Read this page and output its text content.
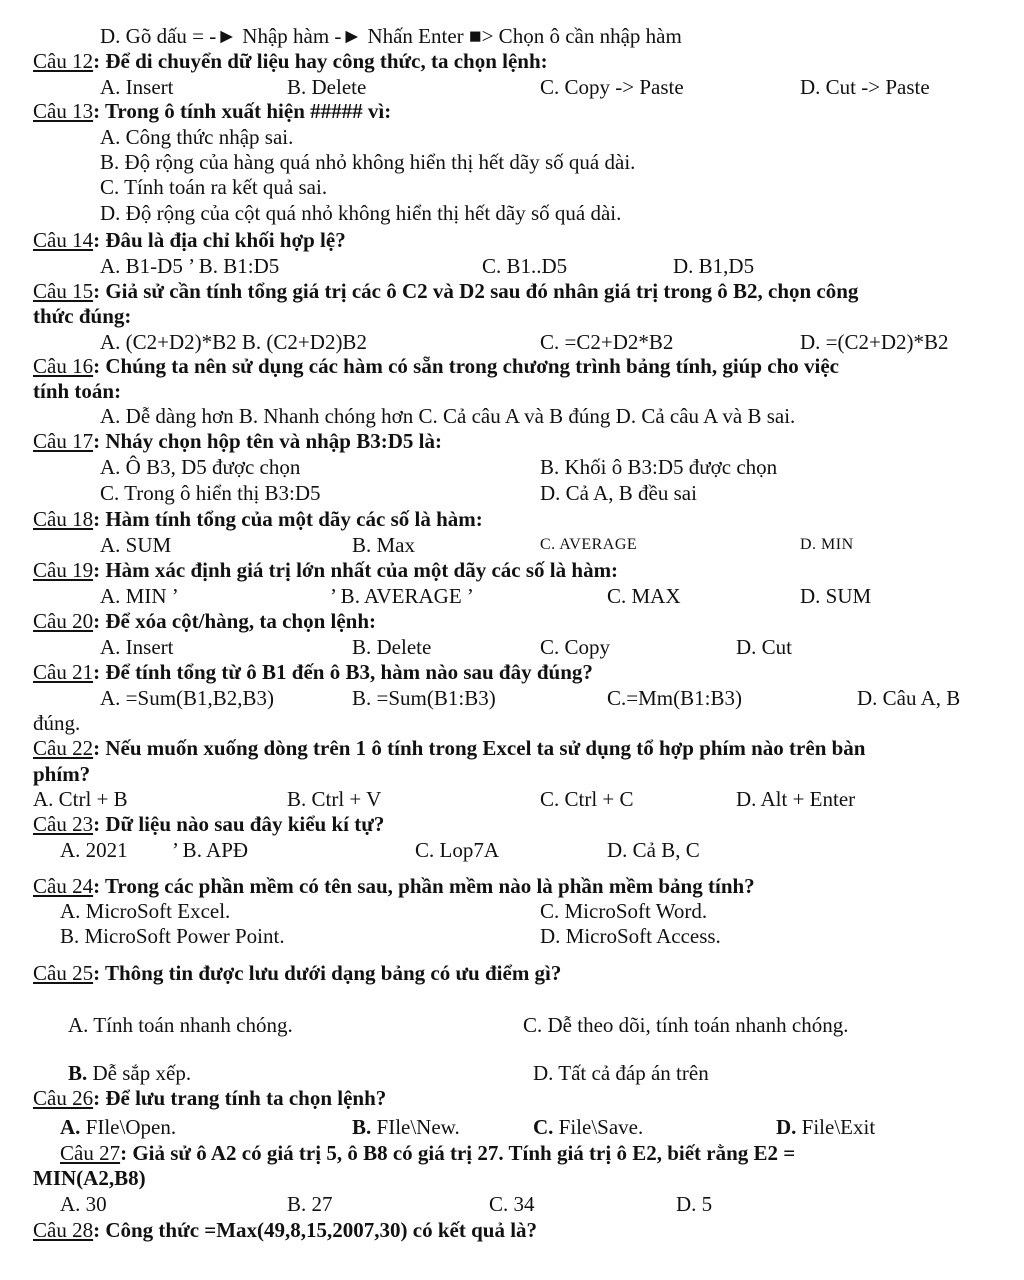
D. Gõ dấu = -► Nhập hàm -► Nhấn Enter ■> Chọn ô cần nhập hàm
Câu 12: Để di chuyển dữ liệu hay công thức, ta chọn lệnh:
A. Insert	B. Delete	C. Copy -> Paste	D. Cut -> Paste
Câu 13: Trong ô tính xuất hiện ##### vì:
A. Công thức nhập sai.
B. Độ rộng của hàng quá nhỏ không hiển thị hết dãy số quá dài.
C. Tính toán ra kết quả sai.
D. Độ rộng của cột quá nhỏ không hiển thị hết dãy số quá dài.
Câu 14: Đâu là địa chỉ khối hợp lệ?
A. B1-D5 ’ B. B1:D5	C. B1..D5	D. B1,D5
Câu 15: Giả sử cần tính tổng giá trị các ô C2 và D2 sau đó nhân giá trị trong ô B2, chọn công
thức đúng:
A. (C2+D2)*B2 B. (C2+D2)B2	C. =C2+D2*B2	D. =(C2+D2)*B2
Câu 16: Chúng ta nên sử dụng các hàm có sẵn trong chương trình bảng tính, giúp cho việc
tính toán:
A. Dễ dàng hơn B. Nhanh chóng hơn C. Cả câu A và B đúng D. Cả câu A và B sai.
Câu 17: Nháy chọn hộp tên và nhập B3:D5 là:
A. Ô B3, D5 được chọn	B. Khối ô B3:D5 được chọn
C. Trong ô hiển thị B3:D5	D. Cả A, B đều sai
Câu 18: Hàm tính tổng của một dãy các số là hàm:
A. SUM	B. Max	C. AVERAGE	D. MIN
Câu 19: Hàm xác định giá trị lớn nhất của một dãy các số là hàm:
A. MIN ’	’ B. AVERAGE ’	C. MAX	D. SUM
Câu 20: Để xóa cột/hàng, ta chọn lệnh:
A. Insert	B. Delete	C. Copy	D. Cut
Câu 21: Để tính tổng từ ô B1 đến ô B3, hàm nào sau đây đúng?
A. =Sum(B1,B2,B3)	B. =Sum(B1:B3)	C.=Mm(B1:B3)	D. Câu A, B
đúng.
Câu 22: Nếu muốn xuống dòng trên 1 ô tính trong Excel ta sử dụng tổ hợp phím nào trên bàn
phím?
A. Ctrl + B	B. Ctrl + V	C. Ctrl + C	D. Alt + Enter
Câu 23: Dữ liệu nào sau đây kiểu kí tự?
A. 2021 ’ B. APĐ	C. Lop7A	D. Cả B, C
Câu 24: Trong các phần mềm có tên sau, phần mềm nào là phần mềm bảng tính?
A. MicroSoft Excel.	C. MicroSoft Word.
B. MicroSoft Power Point.	D. MicroSoft Access.
Câu 25: Thông tin được lưu dưới dạng bảng có ưu điểm gì?
A. Tính toán nhanh chóng.	C. Dễ theo dõi, tính toán nhanh chóng.
B. Dễ sắp xếp.	D. Tất cả đáp án trên
Câu 26: Để lưu trang tính ta chọn lệnh?
A. FIle\Open.	B. FIle\New.	C. File\Save.	D. File\Exit
Câu 27: Giả sử ô A2 có giá trị 5, ô B8 có giá trị 27. Tính giá trị ô E2, biết rằng E2 =
MIN(A2,B8)
A. 30	B. 27	C. 34	D. 5
Câu 28: Công thức =Max(49,8,15,2007,30) có kết quả là?
